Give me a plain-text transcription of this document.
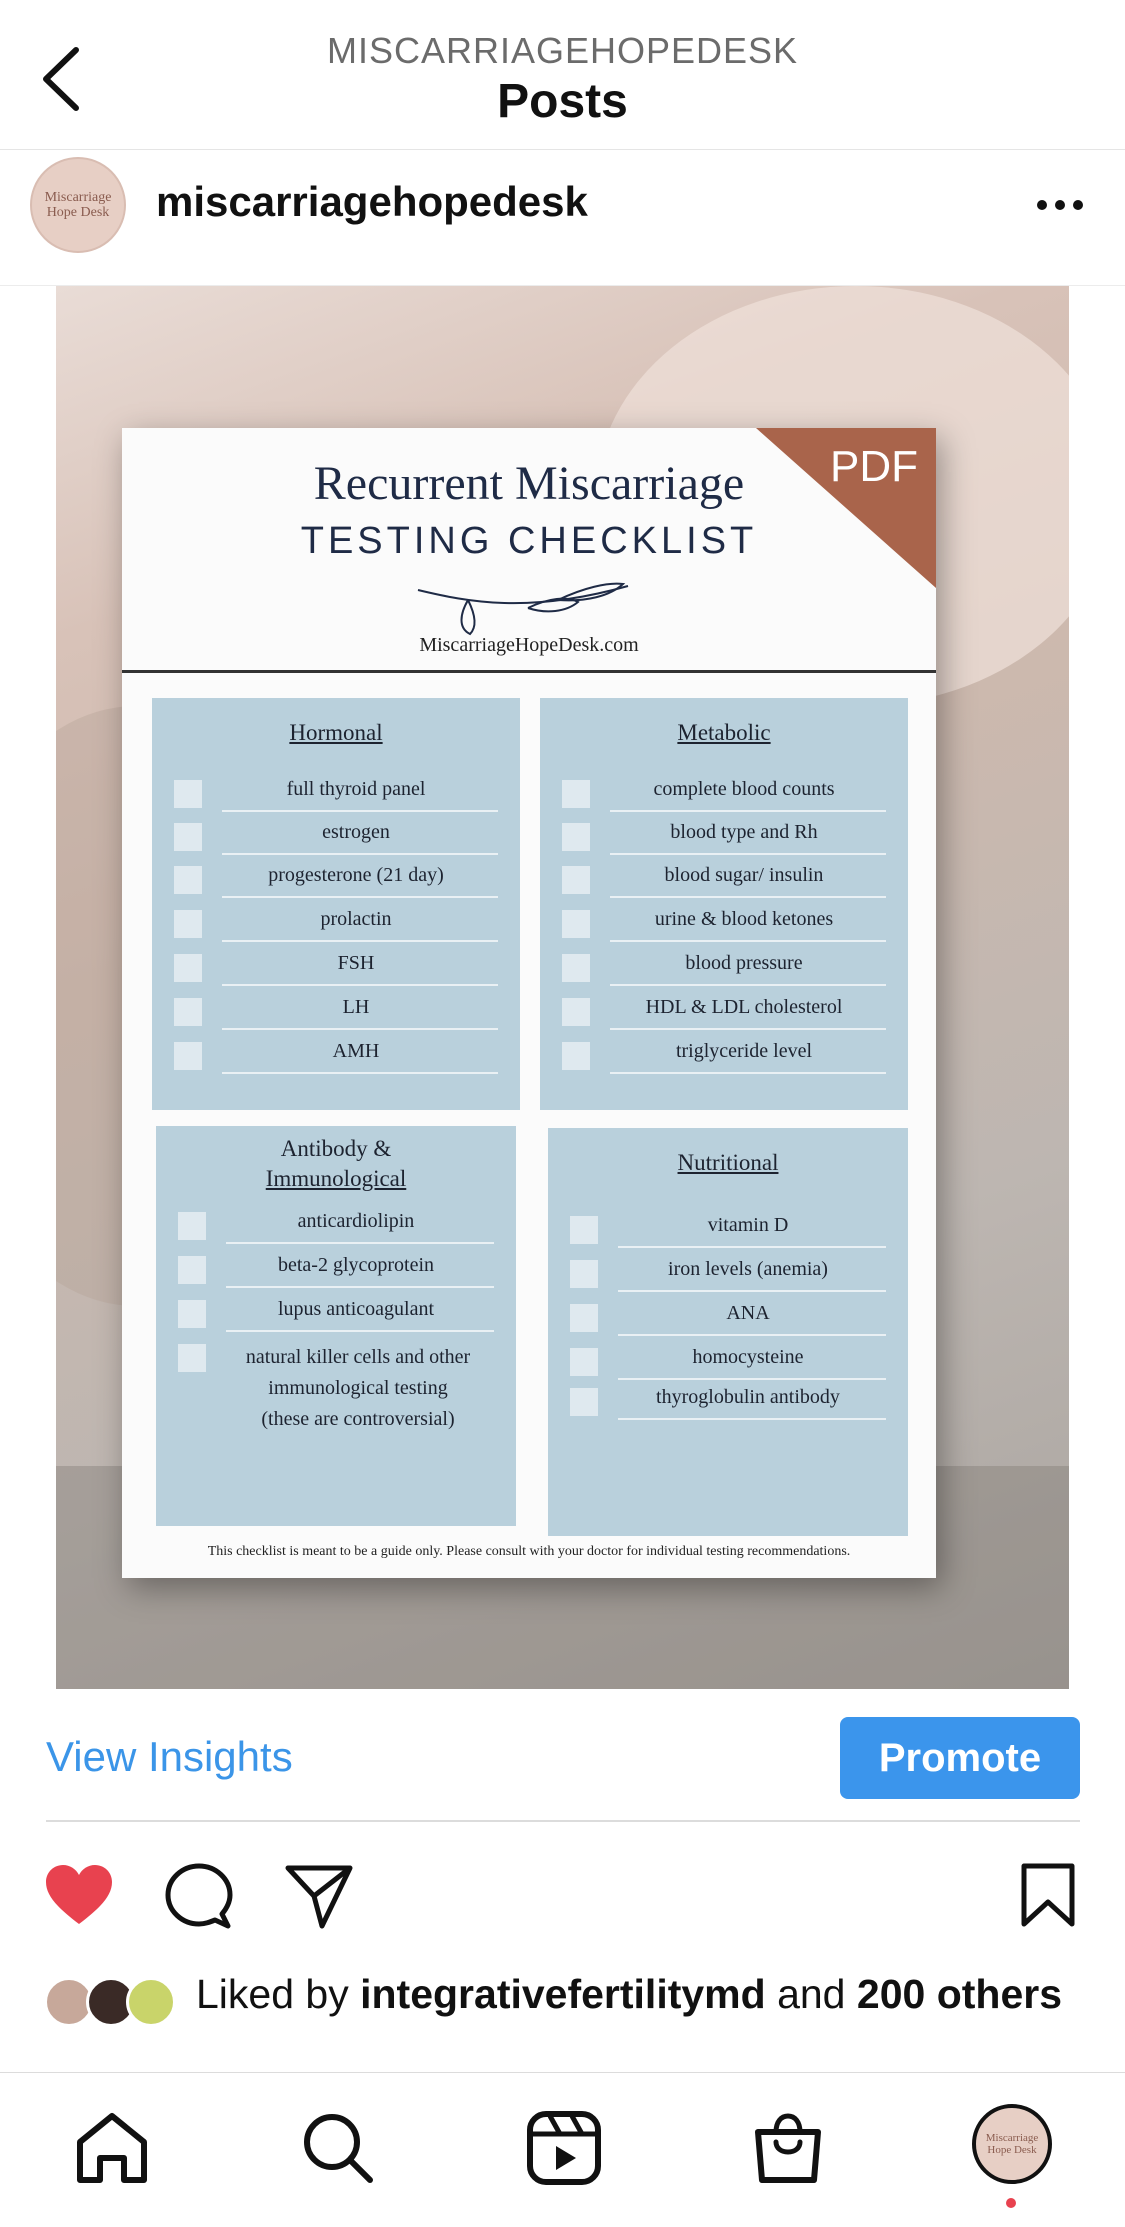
MISCARRIAGEHOPEDESK
Posts
Miscarriage
Hope Desk miscarriagehopedesk
PDF
Recurrent Miscarriage
TESTING CHECKLIST
MiscarriageHopeDesk.com
Hormonal
full thyroid panel
estrogen
progesterone (21 day)
prolactin
FSH
LH
AMH
Metabolic
complete blood counts
blood type and Rh
blood sugar/ insulin
urine & blood ketones
blood pressure
HDL & LDL cholesterol
triglyceride level
Antibody &
Immunological
anticardiolipin
beta-2 glycoprotein
lupus anticoagulant
natural killer cells and other
immunological testing
(these are controversial)
Nutritional
vitamin D
iron levels (anemia)
ANA
homocysteine
thyroglobulin antibody
This checklist is meant to be a guide only. Please consult with your doctor for individual testing recommendations.
View Insights	Promote
Liked by integrativefertilitymd and 200 others
Miscarriage
Hope Desk
